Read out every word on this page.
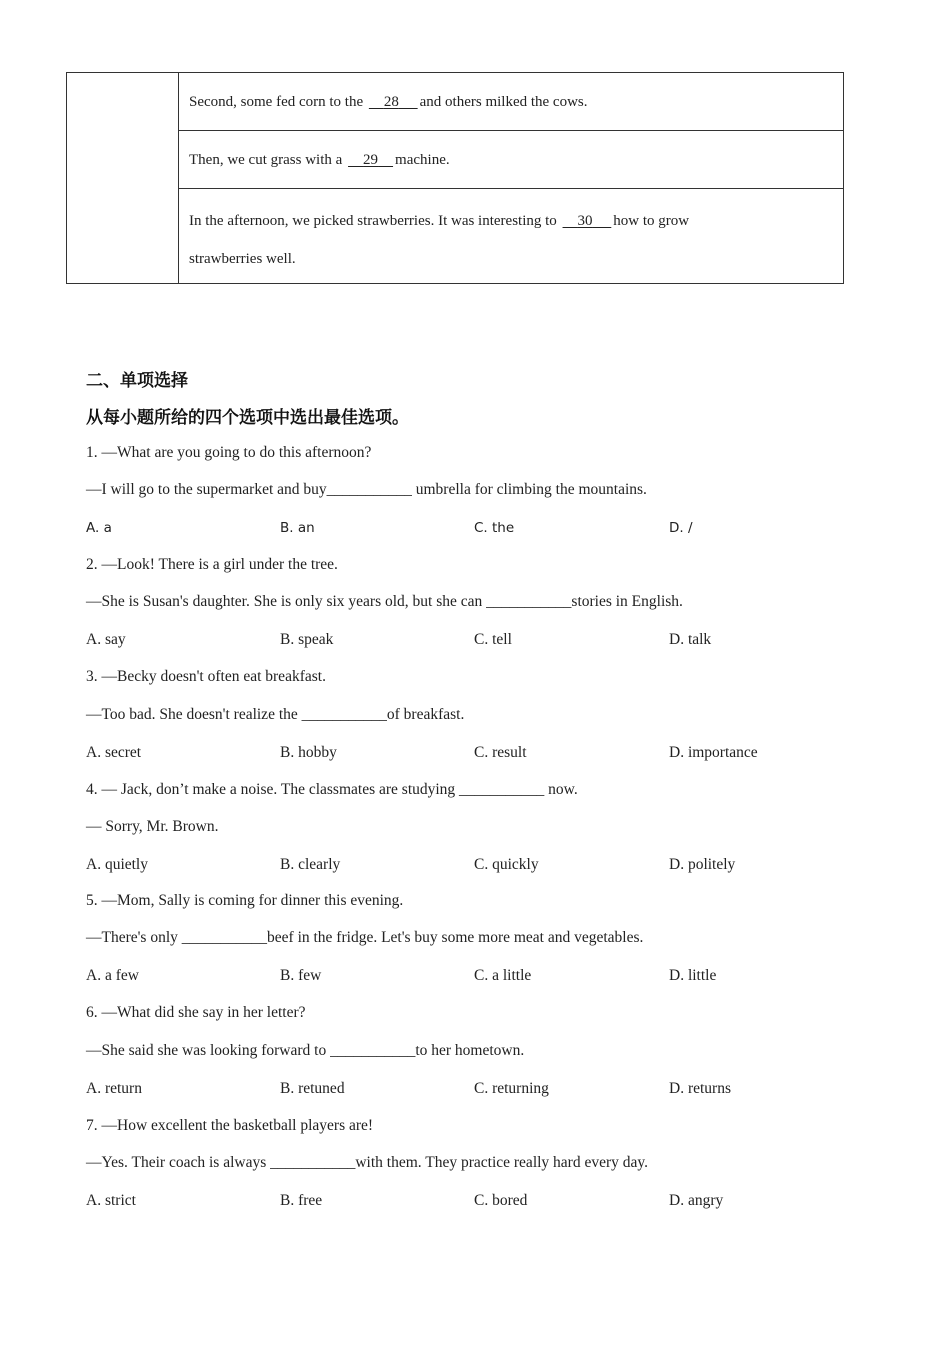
Second, some fed corn to the     28 and others milked the cows.
Then, we cut grass with a     29 machine.
In the afternoon, we picked strawberries. It was interesting to     30 how to grow
strawberries well.
二、单项选择
从每小题所给的四个选项中选出最佳选项。
1. —What are you going to do this afternoon?
—I will go to the supermarket and buy___________ umbrella for climbing the mountains.
A. a	B. an	C. the	D. /
2. —Look! There is a girl under the tree.
—She is Susan's daughter. She is only six years old, but she can ___________stories in English.
A. say	B. speak	C. tell	D. talk
3. —Becky doesn't often eat breakfast.
—Too bad. She doesn't realize the ___________of breakfast.
A. secret	B. hobby	C. result	D. importance
4. — Jack, don’t make a noise. The classmates are studying ___________ now.
— Sorry, Mr. Brown.
A. quietly	B. clearly	C. quickly	D. politely
5. —Mom, Sally is coming for dinner this evening.
—There's only ___________beef in the fridge. Let's buy some more meat and vegetables.
A. a few	B. few	C. a little	D. little
6. —What did she say in her letter?
—She said she was looking forward to ___________to her hometown.
A. return	B. retuned	C. returning	D. returns
7. —How excellent the basketball players are!
—Yes. Their coach is always ___________with them. They practice really hard every day.
A. strict	B. free	C. bored	D. angry
